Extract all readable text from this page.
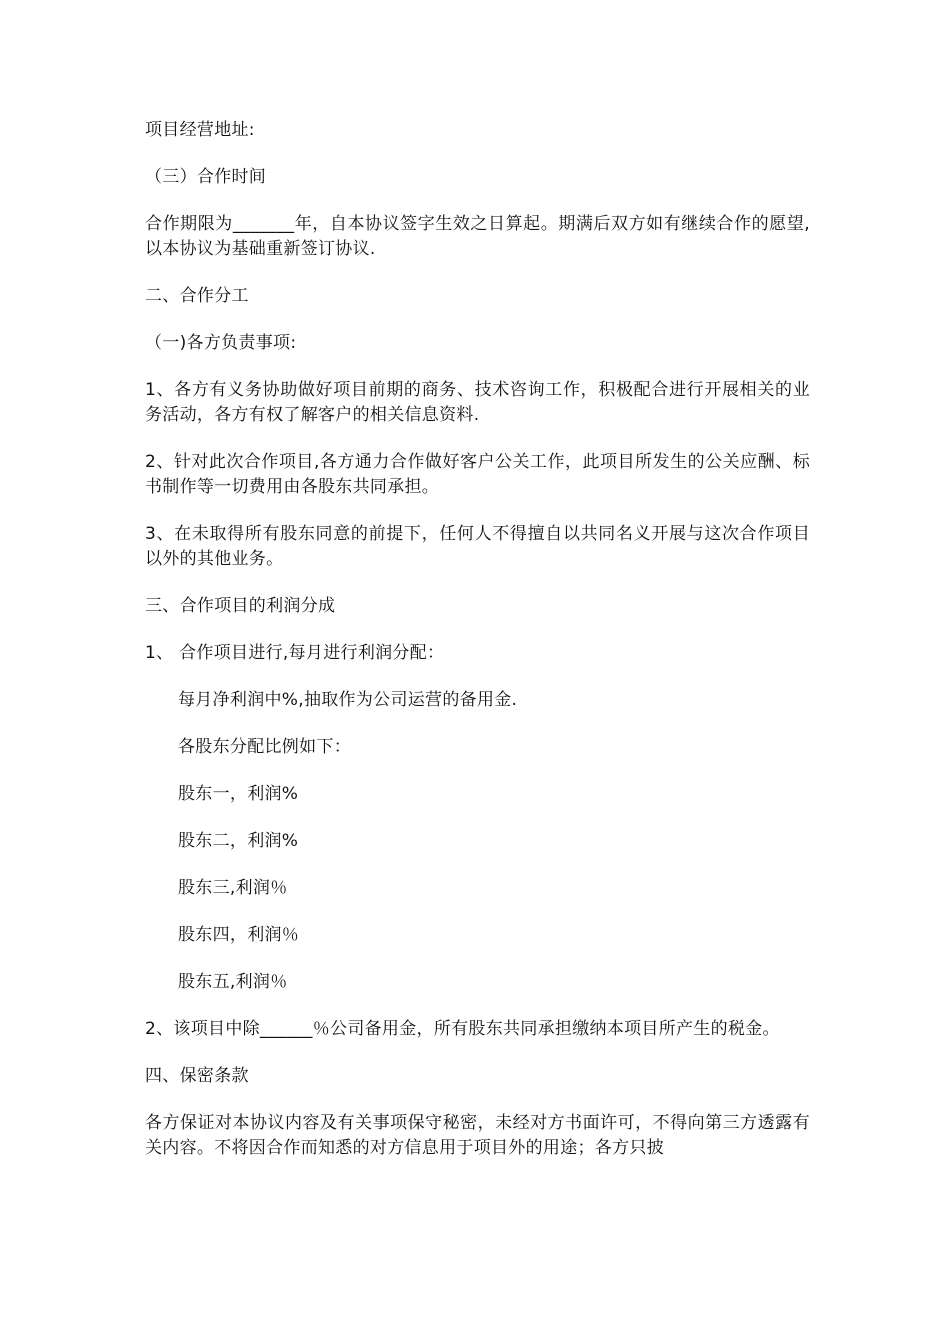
项目经营地址:

（三）合作时间

合作期限为_______年，自本协议签字生效之日算起。期满后双方如有继续合作的愿望,以本协议为基础重新签订协议.

二、合作分工

（一)各方负责事项:

1、各方有义务协助做好项目前期的商务、技术咨询工作，积极配合进行开展相关的业务活动，各方有权了解客户的相关信息资料.

2、针对此次合作项目,各方通力合作做好客户公关工作，此项目所发生的公关应酬、标书制作等一切费用由各股东共同承担。

3、在未取得所有股东同意的前提下，任何人不得擅自以共同名义开展与这次合作项目以外的其他业务。

三、合作项目的利润分成

1、 合作项目进行,每月进行利润分配：

每月净利润中%,抽取作为公司运营的备用金.

各股东分配比例如下：

股东一，利润%

股东二，利润%

股东三,利润％

股东四，利润％

股东五,利润％

2、该项目中除______％公司备用金，所有股东共同承担缴纳本项目所产生的税金。

四、保密条款

各方保证对本协议内容及有关事项保守秘密，未经对方书面许可，不得向第三方透露有关内容。不将因合作而知悉的对方信息用于项目外的用途；各方只披
